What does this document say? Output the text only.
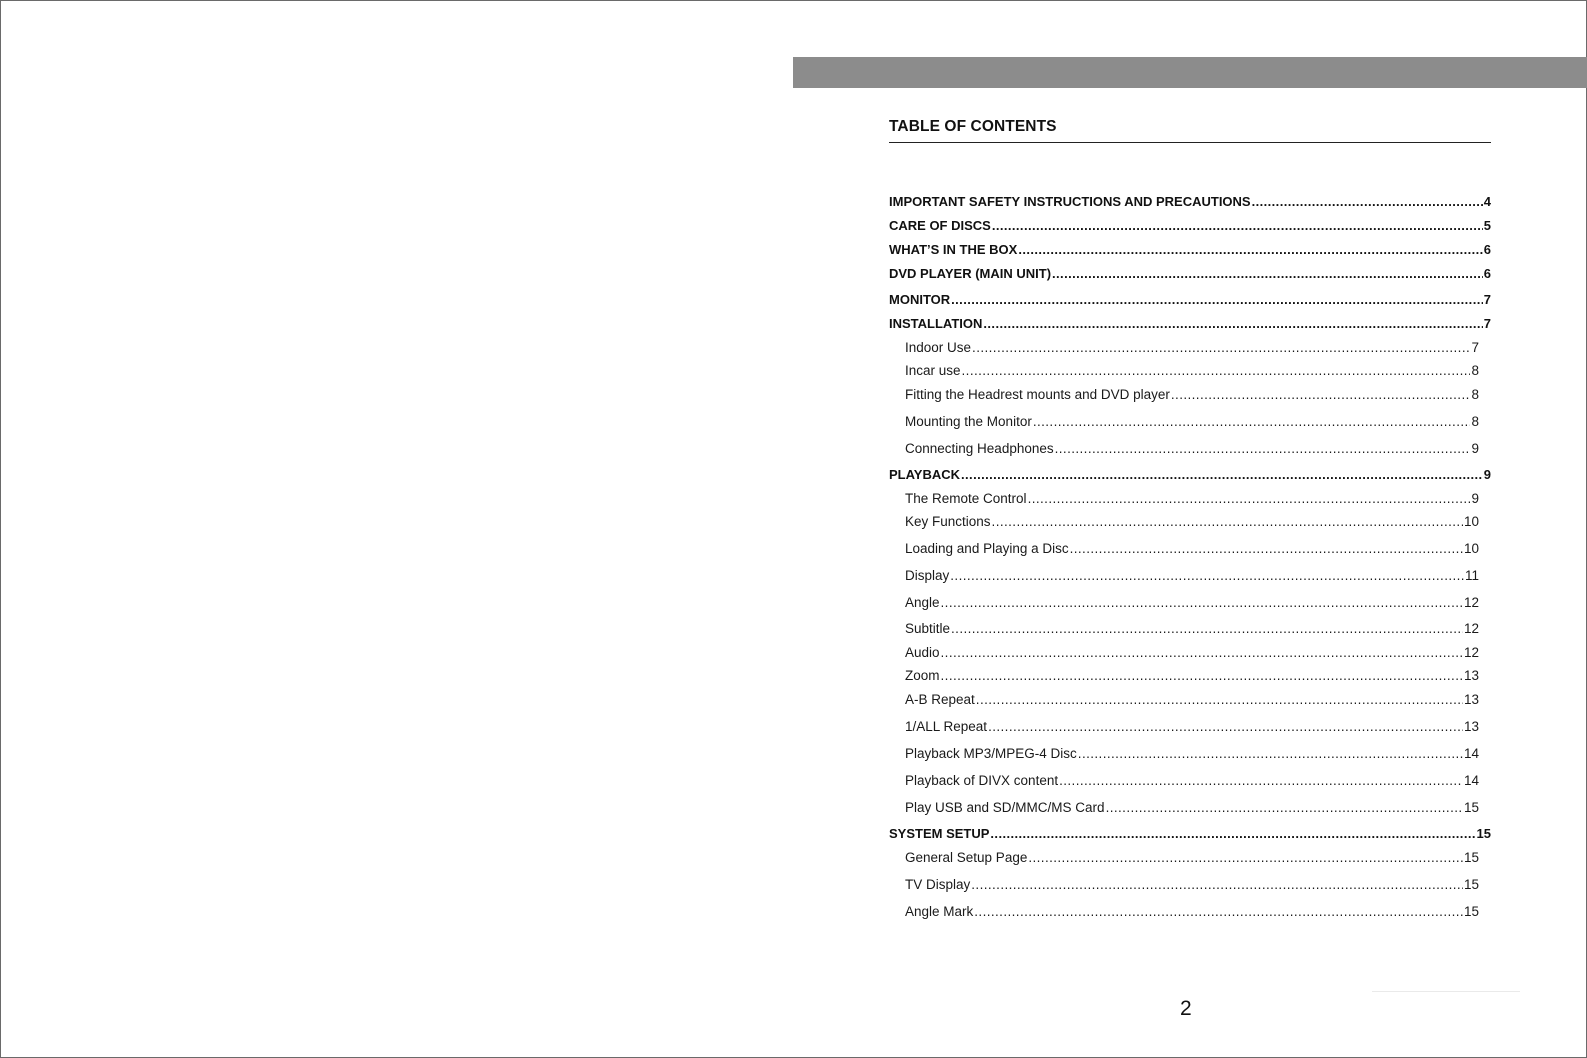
TABLE OF CONTENTS
IMPORTANT SAFETY INSTRUCTIONS AND PRECAUTIONS .....	4
CARE OF DISCS .....	5
WHAT’S IN THE BOX .....	6
DVD PLAYER (MAIN UNIT) .....	6
MONITOR .....	7
INSTALLATION .....	7
Indoor Use .....	7
Incar use .....	8
Fitting the Headrest mounts and DVD player .....	8
Mounting the Monitor .....	8
Connecting Headphones .....	9
PLAYBACK .....	9
The Remote Control .....	9
Key Functions .....	10
Loading and Playing a Disc .....	10
Display .....	11
Angle .....	12
Subtitle .....	12
Audio .....	12
Zoom .....	13
A-B Repeat .....	13
1/ALL Repeat .....	13
Playback MP3/MPEG-4 Disc .....	14
Playback of DIVX content .....	14
Play USB and SD/MMC/MS Card .....	15
SYSTEM SETUP .....	15
General Setup Page .....	15
TV Display .....	15
Angle Mark .....	15
2
